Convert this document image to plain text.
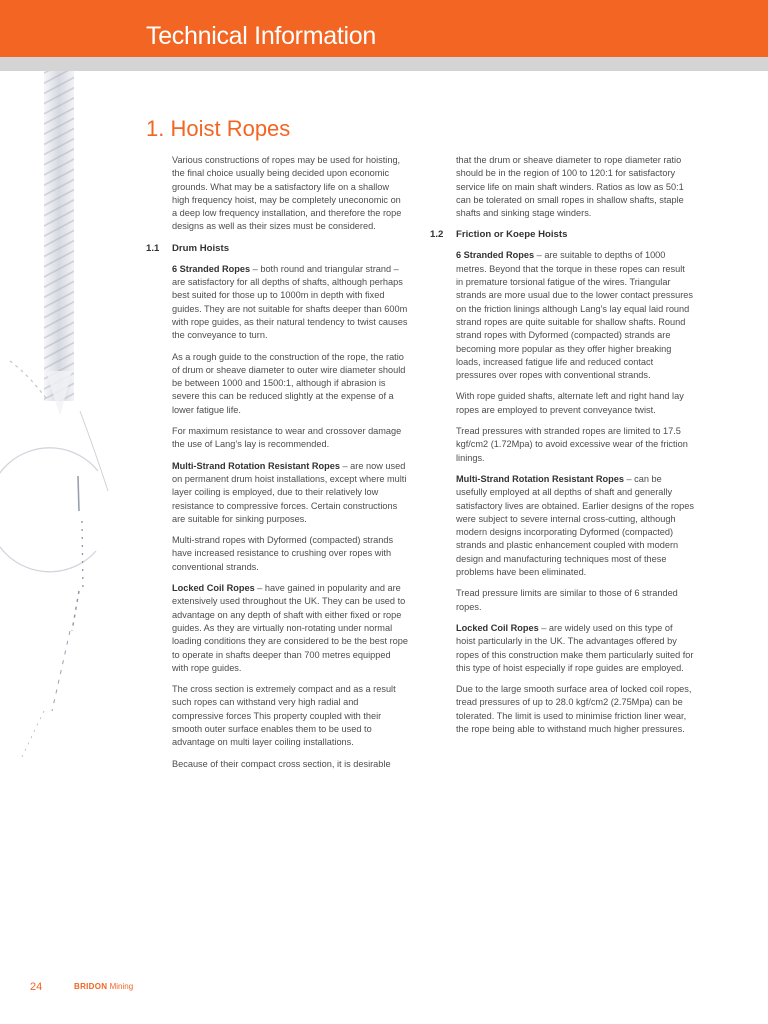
Technical Information
1. Hoist Ropes

Various constructions of ropes may be used for hoisting, the final choice usually being decided upon economic grounds. What may be a satisfactory life on a shallow high frequency hoist, may be completely uneconomic on a deep low frequency installation, and therefore the rope designs as well as their sizes must be considered.

1.1	Drum Hoists

6 Stranded Ropes – both round and triangular strand – are satisfactory for all depths of shafts, although perhaps best suited for those up to 1000m in depth with fixed guides. They are not suitable for shafts deeper than 600m with rope guides, as their natural tendency to twist causes the conveyance to turn.

As a rough guide to the construction of the rope, the ratio of drum or sheave diameter to outer wire diameter should be between 1000 and 1500:1, although if abrasion is severe this can be reduced slightly at the expense of a lower fatigue life.

For maximum resistance to wear and crossover damage the use of Lang’s lay is recommended.

Multi-Strand Rotation Resistant Ropes – are now used on permanent drum hoist installations, except where multi layer coiling is employed, due to their relatively low resistance to compressive forces. Certain constructions are suitable for sinking purposes.

Multi-strand ropes with Dyformed (compacted) strands have increased resistance to crushing over ropes with conventional strands.

Locked Coil Ropes – have gained in popularity and are extensively used throughout the UK. They can be used to advantage on any depth of shaft with either fixed or rope guides. As they are virtually non-rotating under normal loading conditions they are considered to be the best rope to operate in shafts deeper than 700 metres equipped with rope guides.

The cross section is extremely compact and as a result such ropes can withstand very high radial and compressive forces This property coupled with their smooth outer surface enables them to be used to advantage on multi layer coiling installations.

Because of their compact cross section, it is desirable

that the drum or sheave diameter to rope diameter ratio should be in the region of 100 to 120:1 for satisfactory service life on main shaft winders. Ratios as low as 50:1 can be tolerated on small ropes in shallow shafts, staple shafts and sinking stage winders.

1.2	Friction or Koepe Hoists

6 Stranded Ropes – are suitable to depths of 1000 metres. Beyond that the torque in these ropes can result in premature torsional fatigue of the wires. Triangular strands are more usual due to the lower contact pressures on the friction linings although Lang’s lay equal laid round strand ropes are quite suitable for shallow shafts. Round strand ropes with Dyformed (compacted) strands are becoming more popular as they offer higher breaking loads, increased fatigue life and reduced contact pressures over ropes with conventional strands.

With rope guided shafts, alternate left and right hand lay ropes are employed to prevent conveyance twist.

Tread pressures with stranded ropes are limited to 17.5 kgf/cm2 (1.72Mpa) to avoid excessive wear of the friction linings.

Multi-Strand Rotation Resistant Ropes – can be usefully employed at all depths of shaft and generally satisfactory lives are obtained. Earlier designs of the ropes were subject to severe internal cross-cutting, although modern designs incorporating Dyformed (compacted) strands and plastic enhancement coupled with modern design and manufacturing techniques most of these problems have been eliminated.

Tread pressure limits are similar to those of 6 stranded ropes.

Locked Coil Ropes – are widely used on this type of hoist particularly in the UK. The advantages offered by ropes of this construction make them particularly suited for this type of hoist especially if rope guides are employed.

Due to the large smooth surface area of locked coil ropes, tread pressures of up to 28.0 kgf/cm2 (2.75Mpa) can be tolerated. The limit is used to minimise friction liner wear, the rope being able to withstand much higher pressures.

24	BRIDON Mining
